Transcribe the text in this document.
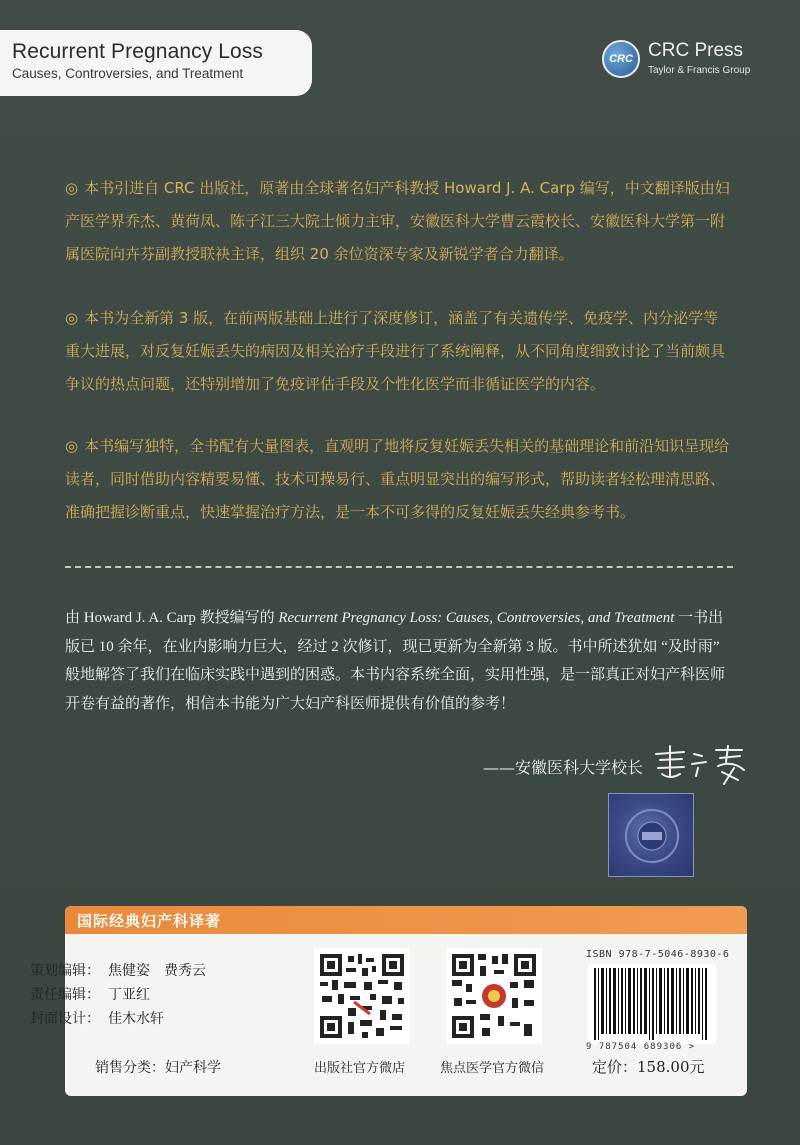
Recurrent Pregnancy Loss
Causes, Controversies, and Treatment
CRC CRC Press
Taylor & Francis Group
◎ 本书引进自 CRC 出版社，原著由全球著名妇产科教授 Howard J. A. Carp 编写，中文翻译版由妇产医学界乔杰、黄荷凤、陈子江三大院士倾力主审，安徽医科大学曹云霞校长、安徽医科大学第一附属医院向卉芬副教授联袂主译，组织 20 余位资深专家及新锐学者合力翻译。
◎ 本书为全新第 3 版，在前两版基础上进行了深度修订，涵盖了有关遗传学、免疫学、内分泌学等重大进展，对反复妊娠丢失的病因及相关治疗手段进行了系统阐释，从不同角度细致讨论了当前颇具争议的热点问题，还特别增加了免疫评估手段及个性化医学而非循证医学的内容。
◎ 本书编写独特，全书配有大量图表，直观明了地将反复妊娠丢失相关的基础理论和前沿知识呈现给读者，同时借助内容精要易懂、技术可操易行、重点明显突出的编写形式，帮助读者轻松理清思路、准确把握诊断重点，快速掌握治疗方法，是一本不可多得的反复妊娠丢失经典参考书。
由 Howard J. A. Carp 教授编写的 Recurrent Pregnancy Loss: Causes, Controversies, and Treatment 一书出版已 10 余年，在业内影响力巨大，经过 2 次修订，现已更新为全新第 3 版。书中所述犹如 “及时雨” 般地解答了我们在临床实践中遇到的困惑。本书内容系统全面，实用性强，是一部真正对妇产科医师开卷有益的著作，相信本书能为广大妇产科医师提供有价值的参考！
——安徽医科大学校长
国际经典妇产科译著
策划编辑： 焦健姿　费秀云
责任编辑： 丁亚红
封面设计： 佳木水轩
销售分类：妇产科学	出版社官方微店	焦点医学官方微信
ISBN 978-7-5046-8930-6
9 787504 689306 >
定价：158.00元
